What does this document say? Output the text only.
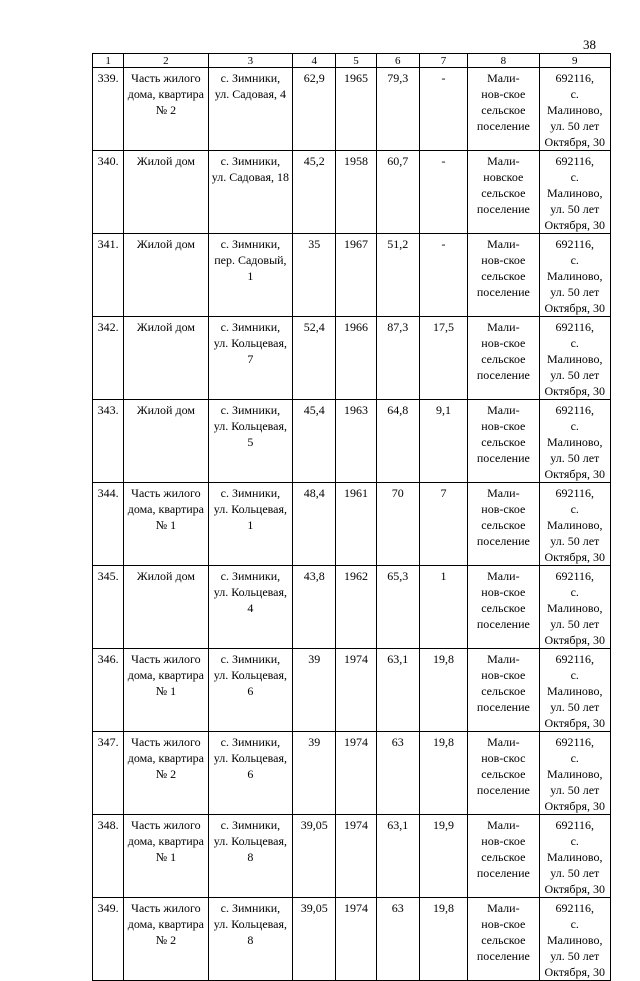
38
1	2	3	4	5	6	7	8	9
339.	Часть жилого
дома, квартира
№ 2	с. Зимники,
ул. Садовая, 4	62,9	1965	79,3	-	Мали-
нов-ское
сельское
поселение	692116,
с. Малиново,
ул. 50 лет
Октября, 30
340.	Жилой дом	с. Зимники,
ул. Садовая, 18	45,2	1958	60,7	-	Мали-
новское
сельское
поселение	692116,
с. Малиново,
ул. 50 лет
Октября, 30
341.	Жилой дом	с. Зимники,
пер. Садовый, 1	35	1967	51,2	-	Мали-
нов-ское
сельское
поселение	692116,
с. Малиново,
ул. 50 лет
Октября, 30
342.	Жилой дом	с. Зимники,
ул. Кольцевая, 7	52,4	1966	87,3	17,5	Мали-
нов-ское
сельское
поселение	692116,
с. Малиново,
ул. 50 лет
Октября, 30
343.	Жилой дом	с. Зимники,
ул. Кольцевая,
5	45,4	1963	64,8	9,1	Мали-
нов-ское
сельское
поселение	692116,
с. Малиново,
ул. 50 лет
Октября, 30
344.	Часть жилого
дома, квартира
№ 1	с. Зимники,
ул. Кольцевая,
1	48,4	1961	70	7	Мали-
нов-ское
сельское
поселение	692116,
с. Малиново,
ул. 50 лет
Октября, 30
345.	Жилой дом	с. Зимники,
ул. Кольцевая,
4	43,8	1962	65,3	1	Мали-
нов-ское
сельское
поселение	692116,
с. Малиново,
ул. 50 лет
Октября, 30
346.	Часть жилого
дома, квартира
№ 1	с. Зимники,
ул. Кольцевая,
6	39	1974	63,1	19,8	Мали-
нов-ское
сельское
поселение	692116,
с. Малиново,
ул. 50 лет
Октября, 30
347.	Часть жилого
дома, квартира
№ 2	с. Зимники,
ул. Кольцевая,
6	39	1974	63	19,8	Мали-
нов-скос
сельское
поселение	692116,
с. Малиново,
ул. 50 лет
Октября, 30
348.	Часть жилого
дома, квартира
№ 1	с. Зимники,
ул. Кольцевая,
8	39,05	1974	63,1	19,9	Мали-
нов-ское
сельское
поселение	692116,
с. Малиново,
ул. 50 лет
Октября, 30
349.	Часть жилого
дома, квартира
№ 2	с. Зимники,
ул. Кольцевая,
8	39,05	1974	63	19,8	Мали-
нов-ское
сельское
поселение	692116,
с. Малиново,
ул. 50 лет
Октября, 30
